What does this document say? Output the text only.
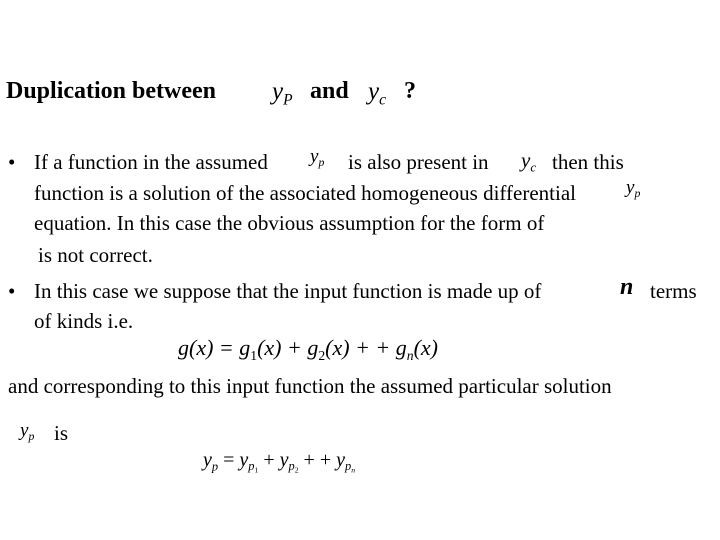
Duplication between $y_P$ and $y_c$ ?
• If a function in the assumed $y_p$ is also present in $y_c$ then this
function is a solution of the associated homogeneous differential	$y_p$
equation. In this case the obvious assumption for the form of
is not correct.
• In this case we suppose that the input function is made up of	n terms
of kinds i.e.
$g(x) = g_1(x) + g_2(x)$ + + $g_n(x)$
and corresponding to this input function the assumed particular solution
$y_p$ is
$y_p = y_{p_1} + y_{p_2}$ + + $y_{p_n}$
